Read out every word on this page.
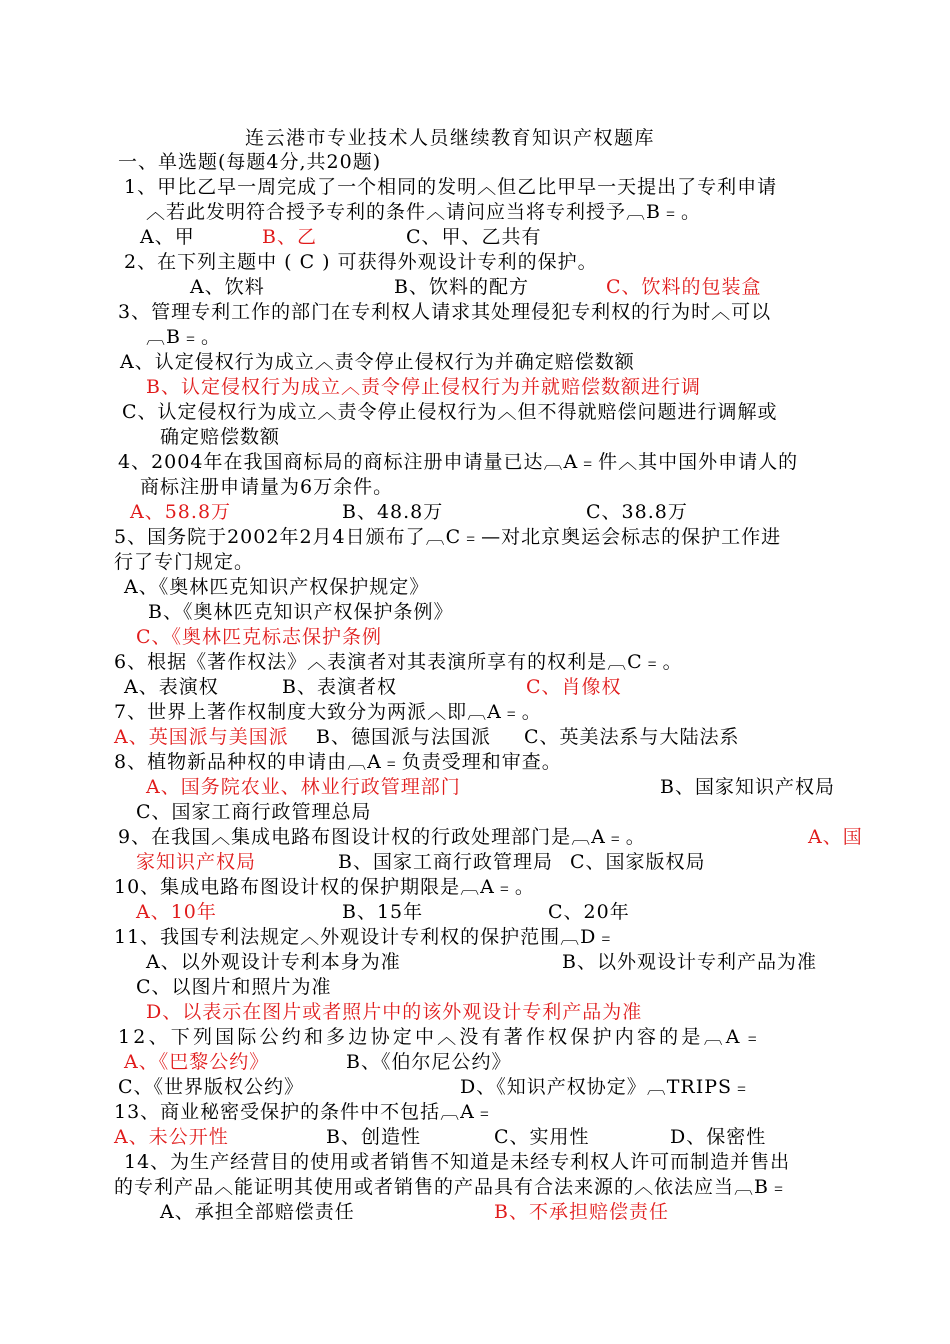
连云港市专业技术人员继续教育知识产权题库
一、单选题(每题4分,共20题)
1、甲比乙早一周完成了一个相同的发明︿但乙比甲早一天提出了专利申请
︿若此发明符合授予专利的条件︿请问应当将专利授予︹B﹦。
A、甲	B、乙	C、甲、乙共有
2、在下列主题中 ( C ) 可获得外观设计专利的保护。
A、饮料	B、饮料的配方	C、饮料的包装盒
3、管理专利工作的部门在专利权人请求其处理侵犯专利权的行为时︿可以
︹B﹦。
A、认定侵权行为成立︿责令停止侵权行为并确定赔偿数额
B、认定侵权行为成立︿责令停止侵权行为并就赔偿数额进行调
C、认定侵权行为成立︿责令停止侵权行为︿但不得就赔偿问题进行调解或
确定赔偿数额
4、2004年在我国商标局的商标注册申请量已达︹A﹦件︿其中国外申请人的
商标注册申请量为6万余件。
A、58.8万	B、48.8万	C、38.8万
5、国务院于2002年2月4日颁布了︹C﹦—对北京奥运会标志的保护工作进
行了专门规定。
A、《奥林匹克知识产权保护规定》
B、《奥林匹克知识产权保护条例》
C、《奥林匹克标志保护条例
6、根据《著作权法》︿表演者对其表演所享有的权利是︹C﹦。
A、表演权	B、表演者权	C、肖像权
7、世界上著作权制度大致分为两派︿即︹A﹦。
A、英国派与美国派 B、德国派与法国派 C、英美法系与大陆法系
8、植物新品种权的申请由︹A﹦负责受理和审查。
A、国务院农业、林业行政管理部门	B、国家知识产权局
C、国家工商行政管理总局
9、在我国︿集成电路布图设计权的行政处理部门是︹A﹦。	A、国
家知识产权局	B、国家工商行政管理局 C、国家版权局
10、集成电路布图设计权的保护期限是︹A﹦。
A、10年	B、15年	C、20年
11、我国专利法规定︿外观设计专利权的保护范围︹D﹦
A、以外观设计专利本身为准	B、以外观设计专利产品为准
C、以图片和照片为准
D、以表示在图片或者照片中的该外观设计专利产品为准
12、下列国际公约和多边协定中︿没有著作权保护内容的是︹A﹦
A、《巴黎公约》	B、《伯尔尼公约》
C、《世界版权公约》	D、《知识产权协定》︹TRIPS﹦
13、商业秘密受保护的条件中不包括︹A﹦
A、未公开性	B、创造性	C、实用性	D、保密性
14、为生产经营目的使用或者销售不知道是未经专利权人许可而制造并售出
的专利产品︿能证明其使用或者销售的产品具有合法来源的︿依法应当︹B﹦
A、承担全部赔偿责任	B、不承担赔偿责任
